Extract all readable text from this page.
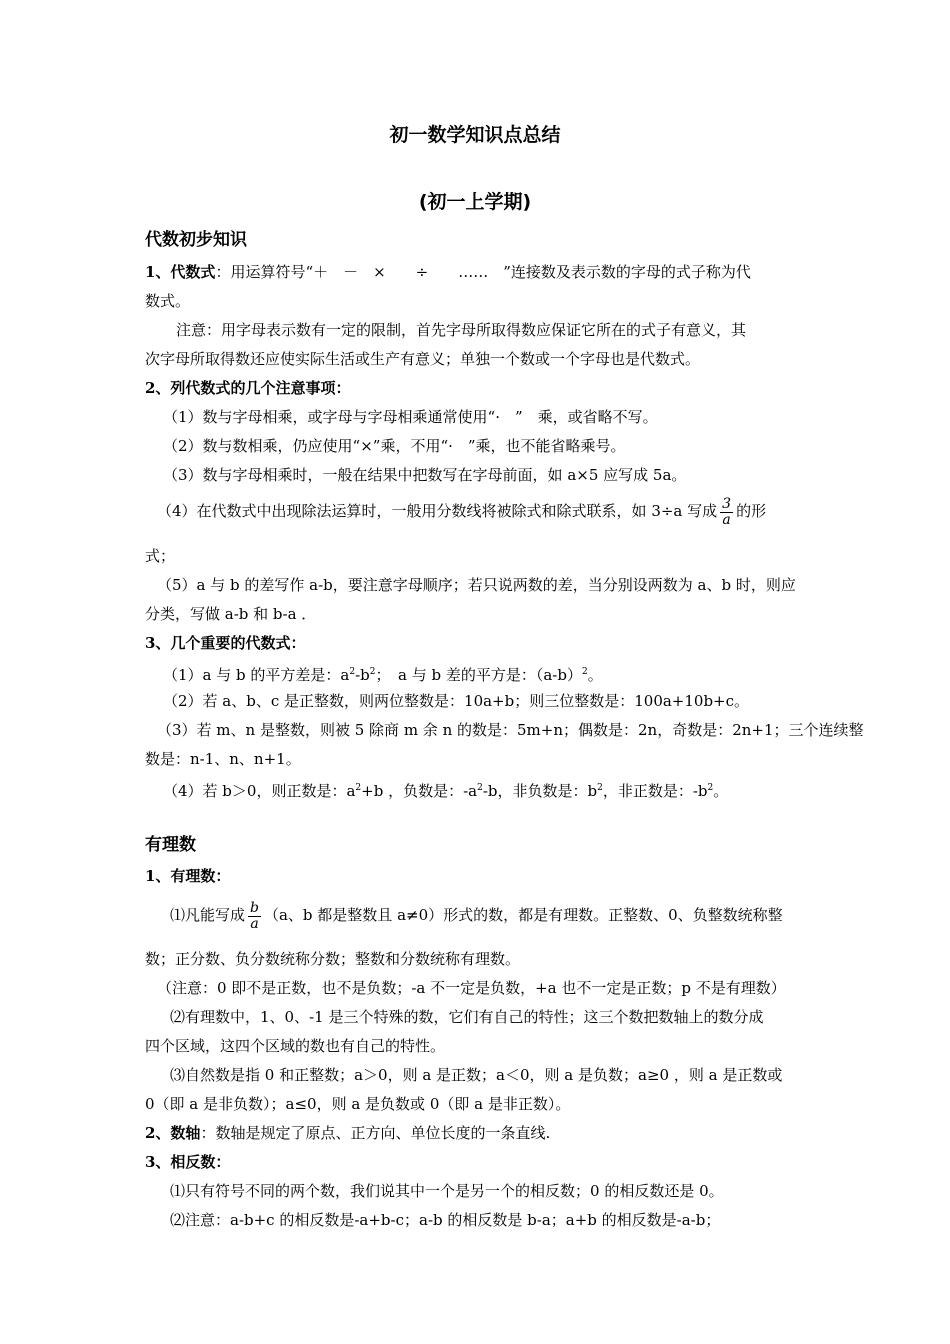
初一数学知识点总结
(初一上学期)
代数初步知识
1、代数式：用运算符号“＋　－　×　　÷　　……　”连接数及表示数的字母的式子称为代
数式。
注意：用字母表示数有一定的限制，首先字母所取得数应保证它所在的式子有意义，其
次字母所取得数还应使实际生活或生产有意义；单独一个数或一个字母也是代数式。
2、列代数式的几个注意事项：
（1）数与字母相乘，或字母与字母相乘通常使用“·　”　乘，或省略不写。
（2）数与数相乘，仍应使用“×”乘，不用“·　”乘，也不能省略乘号。
（3）数与字母相乘时，一般在结果中把数写在字母前面，如 a×5 应写成 5a。
（4）在代数式中出现除法运算时，一般用分数线将被除式和除式联系，如 3÷a 写成 $\frac{3}{a}$ 的形
式；
（5）a 与 b 的差写作 a-b，要注意字母顺序；若只说两数的差，当分别设两数为 a、b 时，则应
分类，写做 a-b 和 b-a ．
3、几个重要的代数式：
（1）a 与 b 的平方差是：$a^2-b^2$；　a 与 b 差的平方是：$(a-b)^2$。
（2）若 a、b、c 是正整数，则两位整数是：10a+b；则三位整数是：100a+10b+c。
（3）若 m、n 是整数，则被 5 除商 m 余 n 的数是：5m+n；偶数是：2n，奇数是：2n+1；三个连续整
数是：n-1、n、n+1。
（4）若 b＞0，则正数是：$a^2+b$ ，负数是：$-a^2-b$，非负数是：$b^2$，非正数是：$-b^2$。
有理数
1、有理数：
⑴凡能写成 $\frac{b}{a} (a$、b 都是整数且 a≠0）形式的数，都是有理数。正整数、0、负整数统称整
数；正分数、负分数统称分数；整数和分数统称有理数。
（注意：0 即不是正数，也不是负数；-a 不一定是负数，+a 也不一定是正数；p 不是有理数）
⑵有理数中，1、0、-1 是三个特殊的数，它们有自己的特性；这三个数把数轴上的数分成
四个区域，这四个区域的数也有自己的特性。
⑶自然数是指 0 和正整数；a＞0，则 a 是正数；a＜0，则 a 是负数；a≥0 ，则 a 是正数或
0（即 a 是非负数）；a≤0，则 a 是负数或 0（即 a 是非正数）。
2、数轴：数轴是规定了原点、正方向、单位长度的一条直线.
3、相反数：
⑴只有符号不同的两个数，我们说其中一个是另一个的相反数；0 的相反数还是 0。
⑵注意：a-b+c 的相反数是-a+b-c；a-b 的相反数是 b-a；a+b 的相反数是-a-b；
